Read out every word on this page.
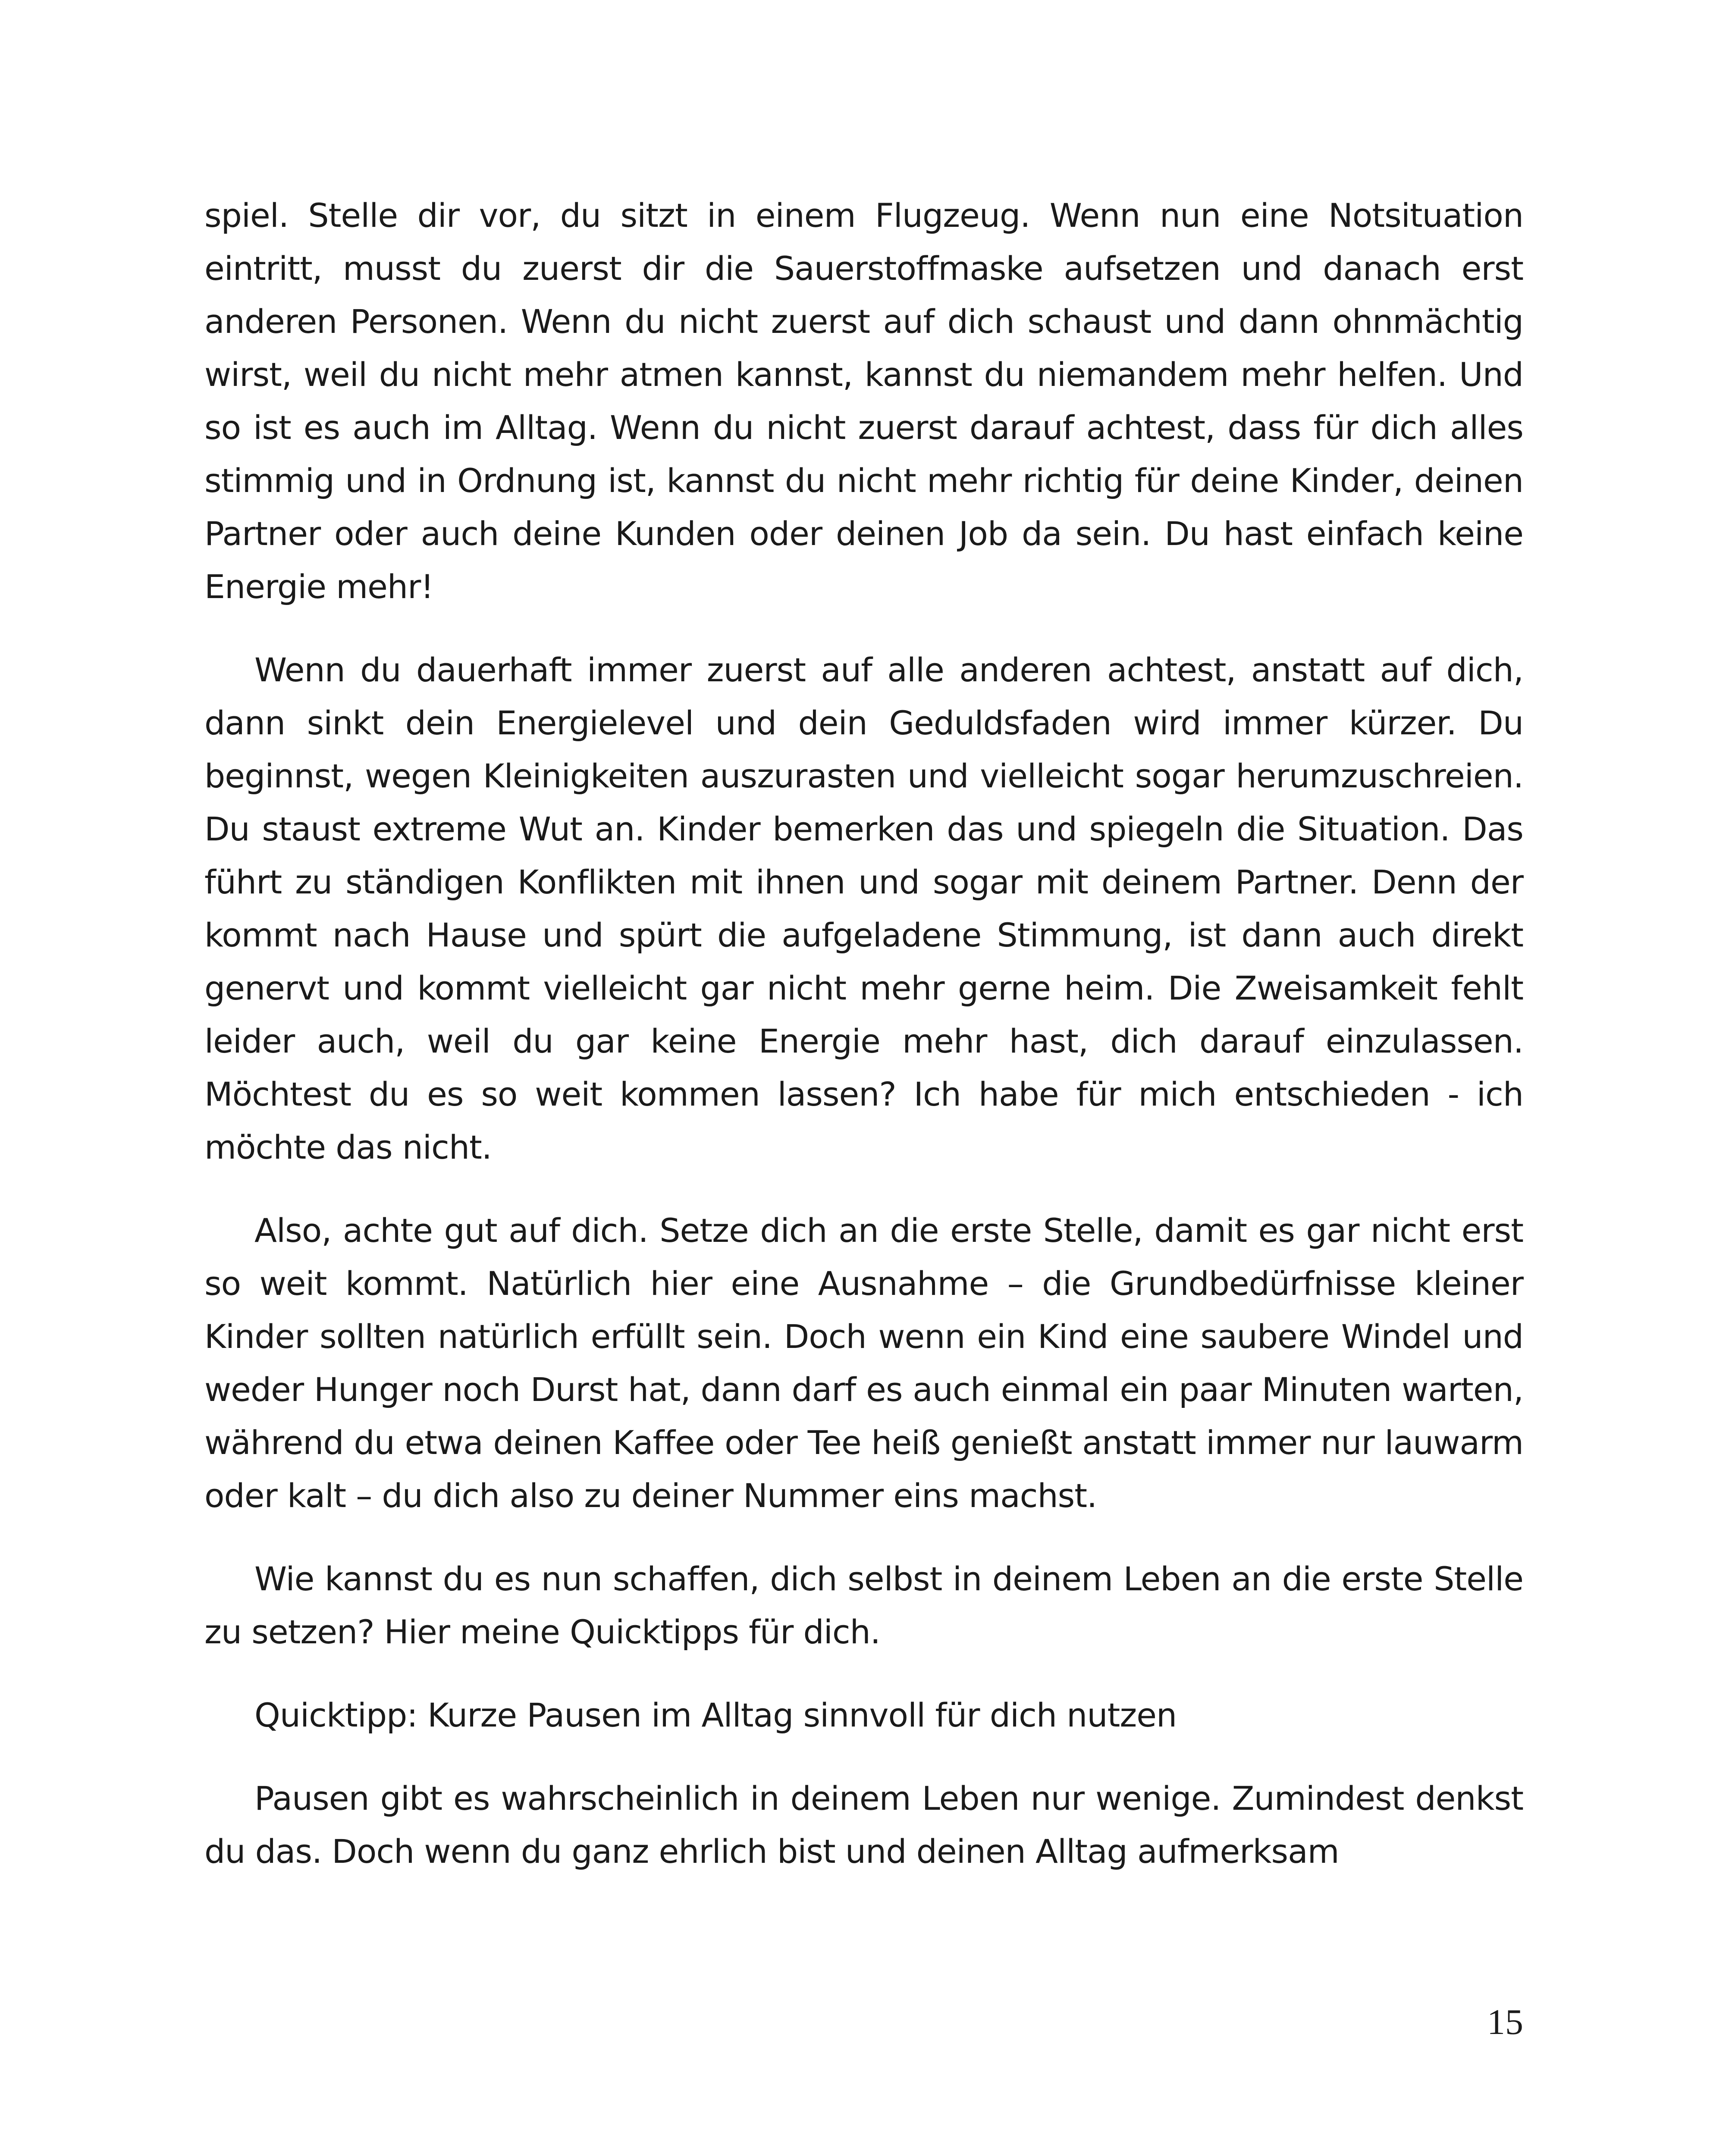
spiel. Stelle dir vor, du sitzt in einem Flugzeug. Wenn nun eine Notsituation eintritt, musst du zuerst dir die Sauerstoffmaske aufsetzen und danach erst anderen Personen. Wenn du nicht zuerst auf dich schaust und dann ohnmächtig wirst, weil du nicht mehr atmen kannst, kannst du niemandem mehr helfen. Und so ist es auch im Alltag. Wenn du nicht zuerst darauf achtest, dass für dich alles stimmig und in Ordnung ist, kannst du nicht mehr richtig für deine Kinder, deinen Partner oder auch deine Kunden oder deinen Job da sein. Du hast einfach keine Energie mehr!

Wenn du dauerhaft immer zuerst auf alle anderen achtest, anstatt auf dich, dann sinkt dein Energielevel und dein Geduldsfaden wird immer kürzer. Du beginnst, wegen Kleinigkeiten auszurasten und vielleicht sogar herumzuschreien. Du staust extreme Wut an. Kinder bemerken das und spiegeln die Situation. Das führt zu ständigen Konflikten mit ihnen und sogar mit deinem Partner. Denn der kommt nach Hause und spürt die aufgeladene Stimmung, ist dann auch direkt genervt und kommt vielleicht gar nicht mehr gerne heim. Die Zweisamkeit fehlt leider auch, weil du gar keine Energie mehr hast, dich darauf einzulassen. Möchtest du es so weit kommen lassen? Ich habe für mich entschieden - ich möchte das nicht.

Also, achte gut auf dich. Setze dich an die erste Stelle, damit es gar nicht erst so weit kommt. Natürlich hier eine Ausnahme – die Grundbedürfnisse kleiner Kinder sollten natürlich erfüllt sein. Doch wenn ein Kind eine saubere Windel und weder Hunger noch Durst hat, dann darf es auch einmal ein paar Minuten warten, während du etwa deinen Kaffee oder Tee heiß genießt anstatt immer nur lauwarm oder kalt – du dich also zu deiner Nummer eins machst.

Wie kannst du es nun schaffen, dich selbst in deinem Leben an die erste Stelle zu setzen? Hier meine Quicktipps für dich.

Quicktipp: Kurze Pausen im Alltag sinnvoll für dich nutzen

Pausen gibt es wahrscheinlich in deinem Leben nur wenige. Zumindest denkst du das. Doch wenn du ganz ehrlich bist und deinen Alltag aufmerksam

15
